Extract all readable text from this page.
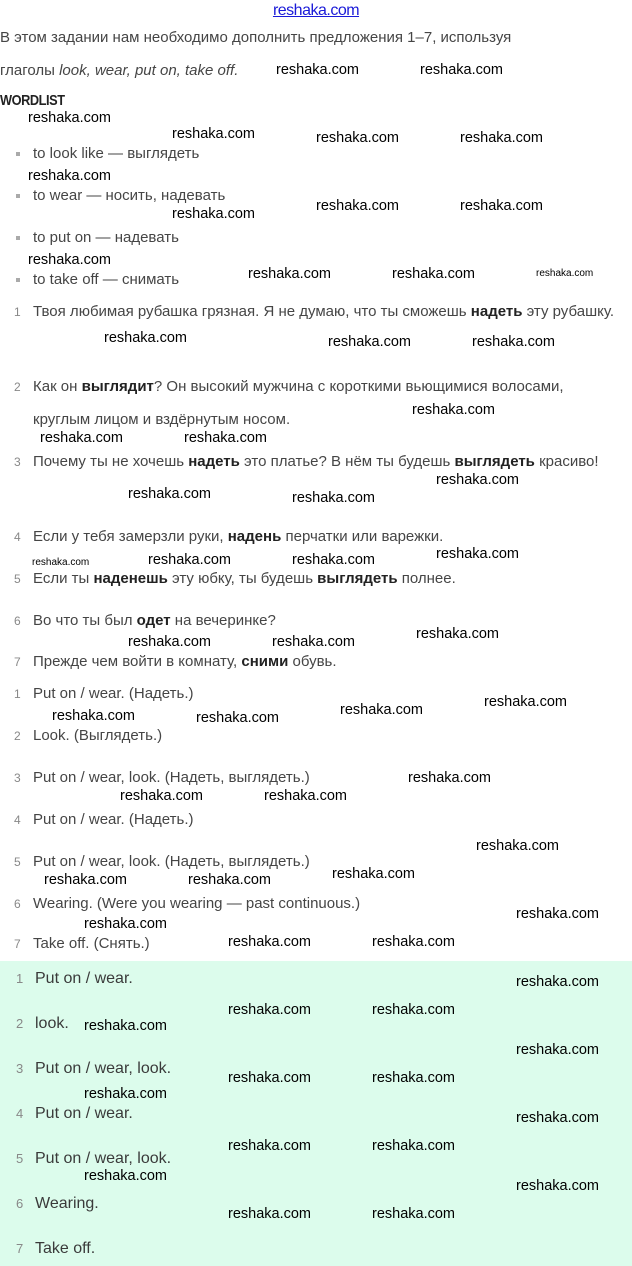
reshaka.com
В этом задании нам необходимо дополнить предложения 1–7, используя
глаголы look, wear, put on, take off.
WORDLIST
to look like — выглядеть
to wear — носить, надевать
to put on — надевать
to take off — снимать
1 Твоя любимая рубашка грязная. Я не думаю, что ты сможешь надеть эту рубашку.
2 Как он выглядит? Он высокий мужчина с короткими вьющимися волосами, круглым лицом и вздёрнутым носом.
3 Почему ты не хочешь надеть это платье? В нём ты будешь выглядеть красиво!
4 Если у тебя замерзли руки, надень перчатки или варежки.
5 Если ты наденешь эту юбку, ты будешь выглядеть полнее.
6 Во что ты был одет на вечеринке?
7 Прежде чем войти в комнату, сними обувь.
1 Put on / wear. (Надеть.)
2 Look. (Выглядеть.)
3 Put on / wear, look. (Надеть, выглядеть.)
4 Put on / wear. (Надеть.)
5 Put on / wear, look. (Надеть, выглядеть.)
6 Wearing. (Were you wearing — past continuous.)
7 Take off. (Снять.)
1 Put on / wear.
2 look.
3 Put on / wear, look.
4 Put on / wear.
5 Put on / wear, look.
6 Wearing.
7 Take off.
reshaka.com	reshaka.com
reshaka.com
reshaka.com	reshaka.com	reshaka.com
reshaka.com
reshaka.com	reshaka.com	reshaka.com
reshaka.com
reshaka.com	reshaka.com	reshaka.com
reshaka.com	reshaka.com	reshaka.com
reshaka.com	reshaka.com
reshaka.com
reshaka.com
reshaka.com	reshaka.com
reshaka.com
reshaka.com	reshaka.com	reshaka.com
reshaka.com
reshaka.com	reshaka.com
reshaka.com
reshaka.com
reshaka.com	reshaka.com
reshaka.com
reshaka.com
reshaka.com
reshaka.com
reshaka.com	reshaka.com	reshaka.com
reshaka.com
reshaka.com	reshaka.com
reshaka.com
reshaka.com
reshaka.com	reshaka.com
reshaka.com
reshaka.com
reshaka.com	reshaka.com
reshaka.com
reshaka.com
reshaka.com	reshaka.com
reshaka.com
reshaka.com
reshaka.com	reshaka.com
